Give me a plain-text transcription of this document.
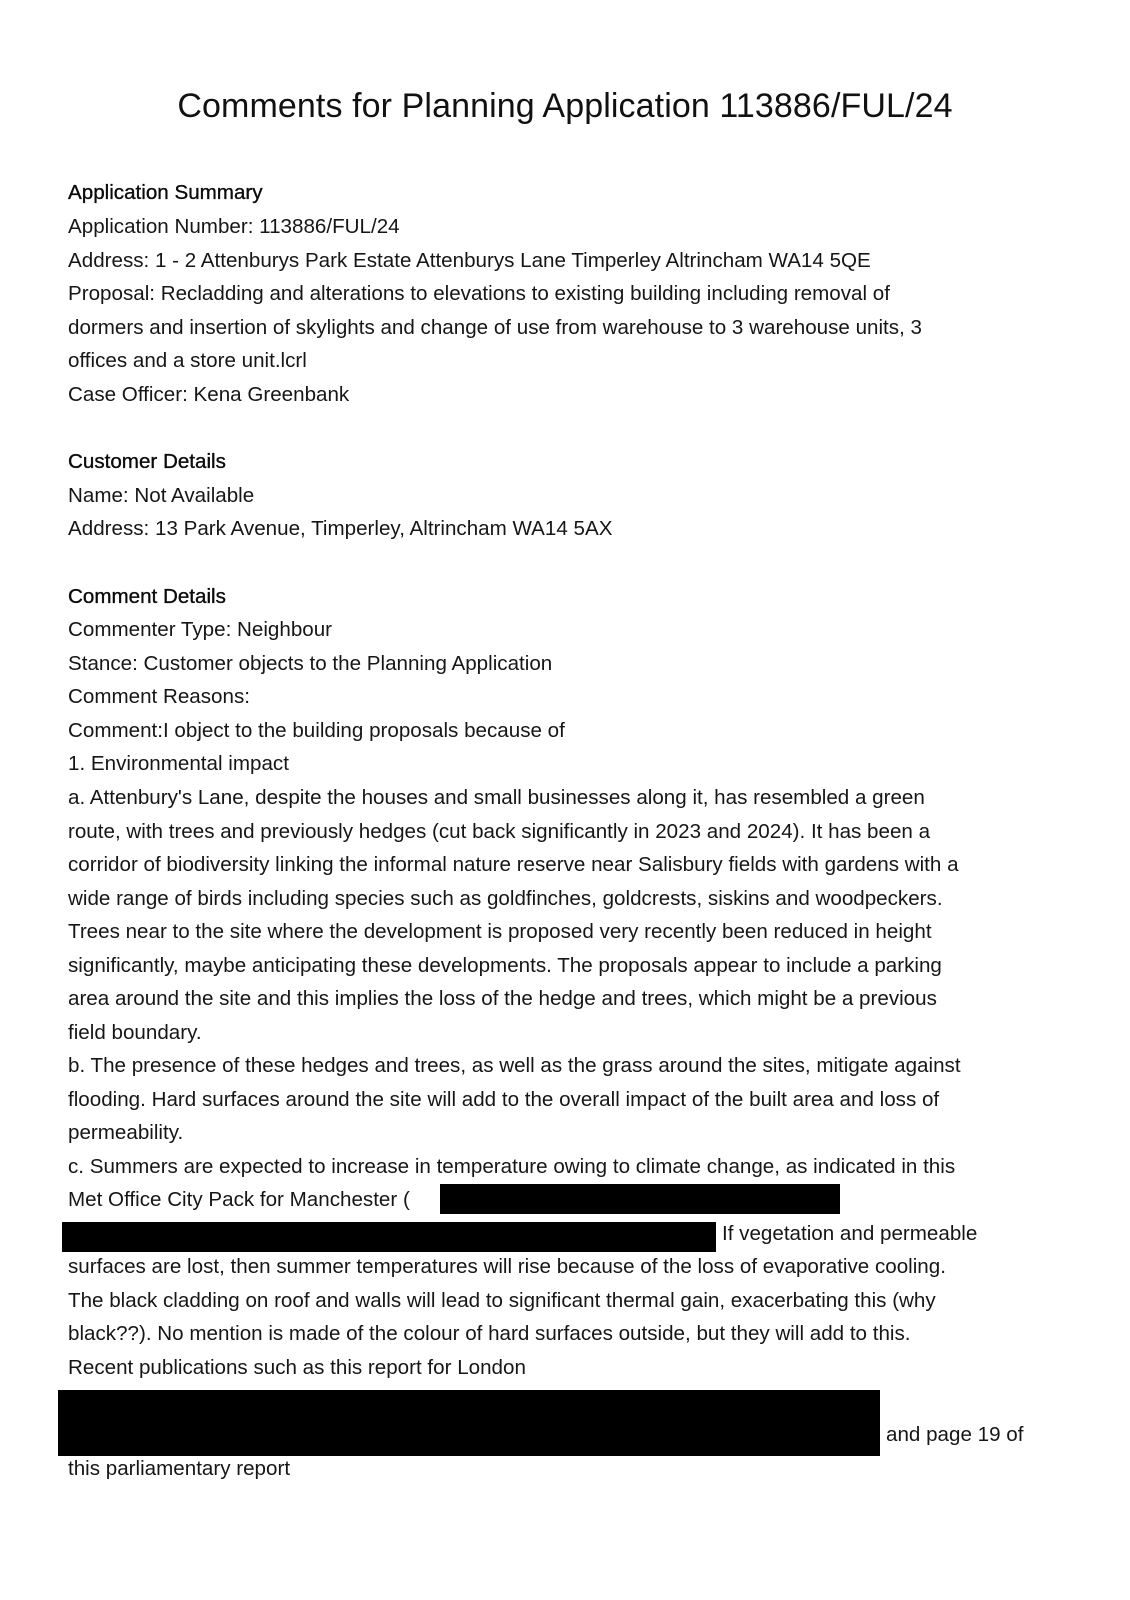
Comments for Planning Application 113886/FUL/24
Application Summary
Application Number: 113886/FUL/24
Address: 1 - 2 Attenburys Park Estate Attenburys Lane Timperley Altrincham WA14 5QE
Proposal: Recladding and alterations to elevations to existing building including removal of
dormers and insertion of skylights and change of use from warehouse to 3 warehouse units, 3
offices and a store unit.lcrl
Case Officer: Kena Greenbank
Customer Details
Name: Not Available
Address: 13 Park Avenue, Timperley, Altrincham WA14 5AX
Comment Details
Commenter Type: Neighbour
Stance: Customer objects to the Planning Application
Comment Reasons:
Comment:I object to the building proposals because of
1. Environmental impact
a. Attenbury's Lane, despite the houses and small businesses along it, has resembled a green
route, with trees and previously hedges (cut back significantly in 2023 and 2024). It has been a
corridor of biodiversity linking the informal nature reserve near Salisbury fields with gardens with a
wide range of birds including species such as goldfinches, goldcrests, siskins and woodpeckers.
Trees near to the site where the development is proposed very recently been reduced in height
significantly, maybe anticipating these developments. The proposals appear to include a parking
area around the site and this implies the loss of the hedge and trees, which might be a previous
field boundary.
b. The presence of these hedges and trees, as well as the grass around the sites, mitigate against
flooding. Hard surfaces around the site will add to the overall impact of the built area and loss of
permeability.
c. Summers are expected to increase in temperature owing to climate change, as indicated in this
Met Office City Pack for Manchester (
If vegetation and permeable
surfaces are lost, then summer temperatures will rise because of the loss of evaporative cooling.
The black cladding on roof and walls will lead to significant thermal gain, exacerbating this (why
black??). No mention is made of the colour of hard surfaces outside, but they will add to this.
Recent publications such as this report for London
and page 19 of
this parliamentary report
